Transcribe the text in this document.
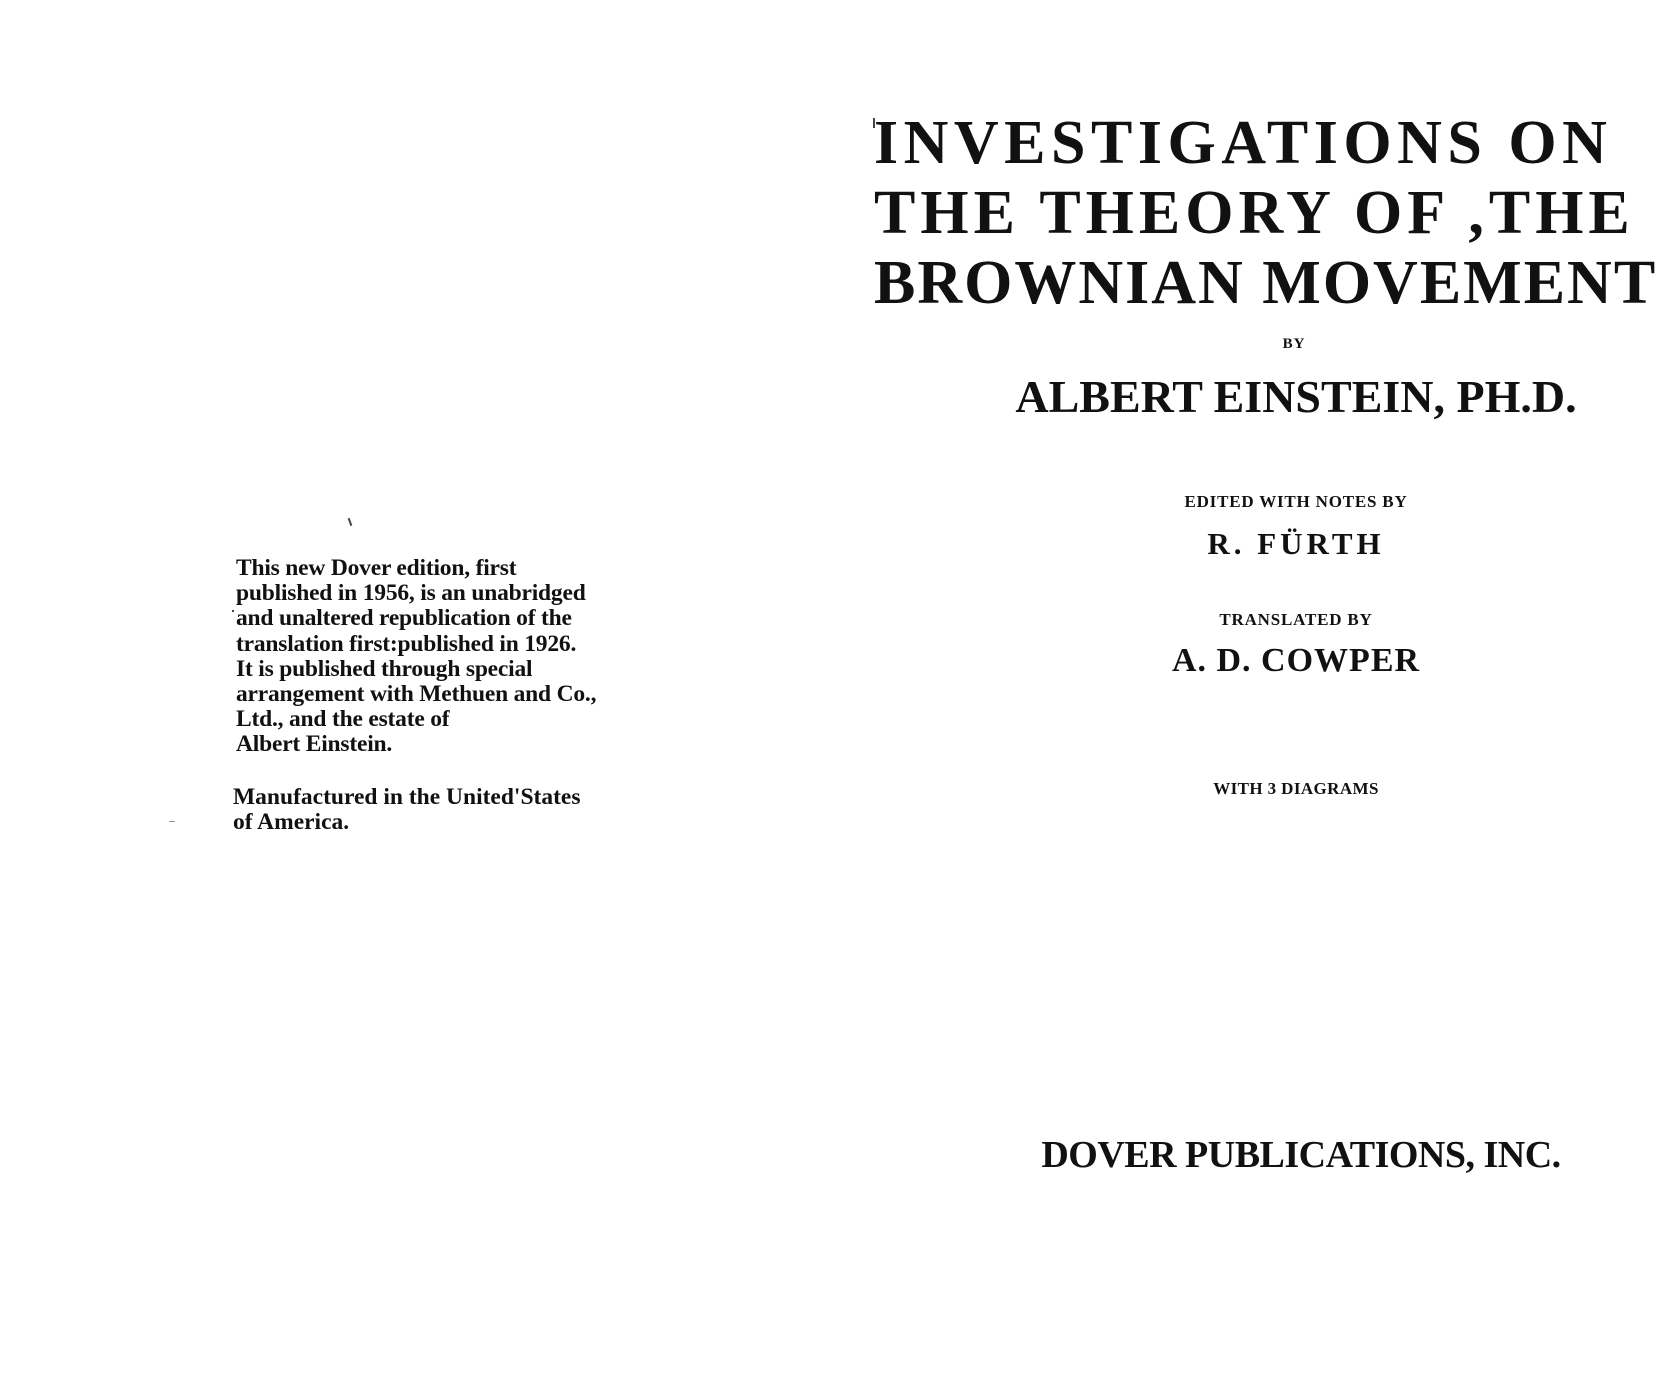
This new Dover edition, first
published in 1956, is an unabridged
and unaltered republication of the
translation first:published in 1926.
It is published through special
arrangement with Methuen and Co.,
Ltd., and the estate of
Albert Einstein.
Manufactured in the United'States
of America.
INVESTIGATIONS ON
THE THEORY OF ,THE
BROWNIAN MOVEMENT
BY
ALBERT EINSTEIN, PH.D.
EDITED WITH NOTES BY
R. FÜRTH
TRANSLATED BY
A. D. COWPER
WITH 3 DIAGRAMS
DOVER PUBLICATIONS, INC.
